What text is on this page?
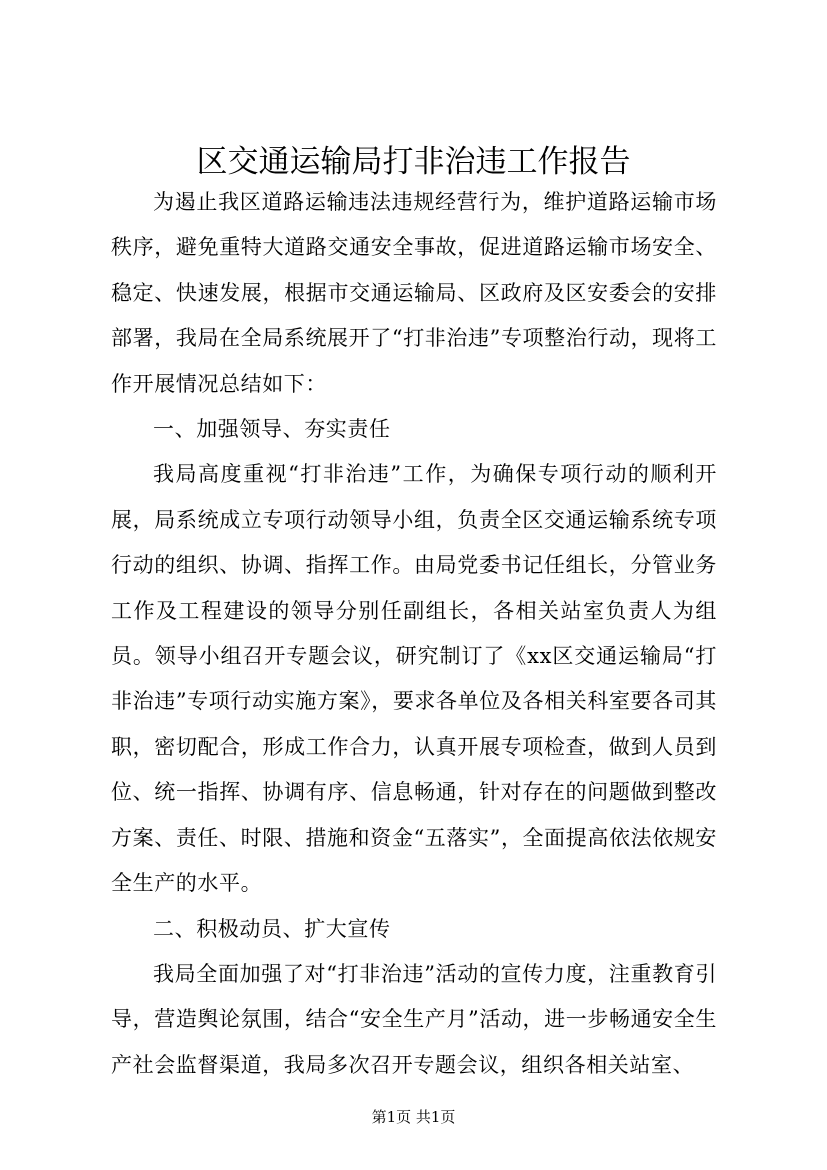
区交通运输局打非治违工作报告

为遏止我区道路运输违法违规经营行为，维护道路运输市场秩序，避免重特大道路交通安全事故，促进道路运输市场安全、稳定、快速发展，根据市交通运输局、区政府及区安委会的安排部署，我局在全局系统展开了“打非治违”专项整治行动，现将工作开展情况总结如下：

一、加强领导、夯实责任

我局高度重视“打非治违”工作，为确保专项行动的顺利开展，局系统成立专项行动领导小组，负责全区交通运输系统专项行动的组织、协调、指挥工作。由局党委书记任组长，分管业务工作及工程建设的领导分别任副组长，各相关站室负责人为组员。领导小组召开专题会议，研究制订了《xx区交通运输局“打非治违”专项行动实施方案》，要求各单位及各相关科室要各司其职，密切配合，形成工作合力，认真开展专项检查，做到人员到位、统一指挥、协调有序、信息畅通，针对存在的问题做到整改方案、责任、时限、措施和资金“五落实”，全面提高依法依规安全生产的水平。

二、积极动员、扩大宣传

我局全面加强了对“打非治违”活动的宣传力度，注重教育引导，营造舆论氛围，结合“安全生产月”活动，进一步畅通安全生产社会监督渠道，我局多次召开专题会议，组织各相关站室、

第1页 共1页
